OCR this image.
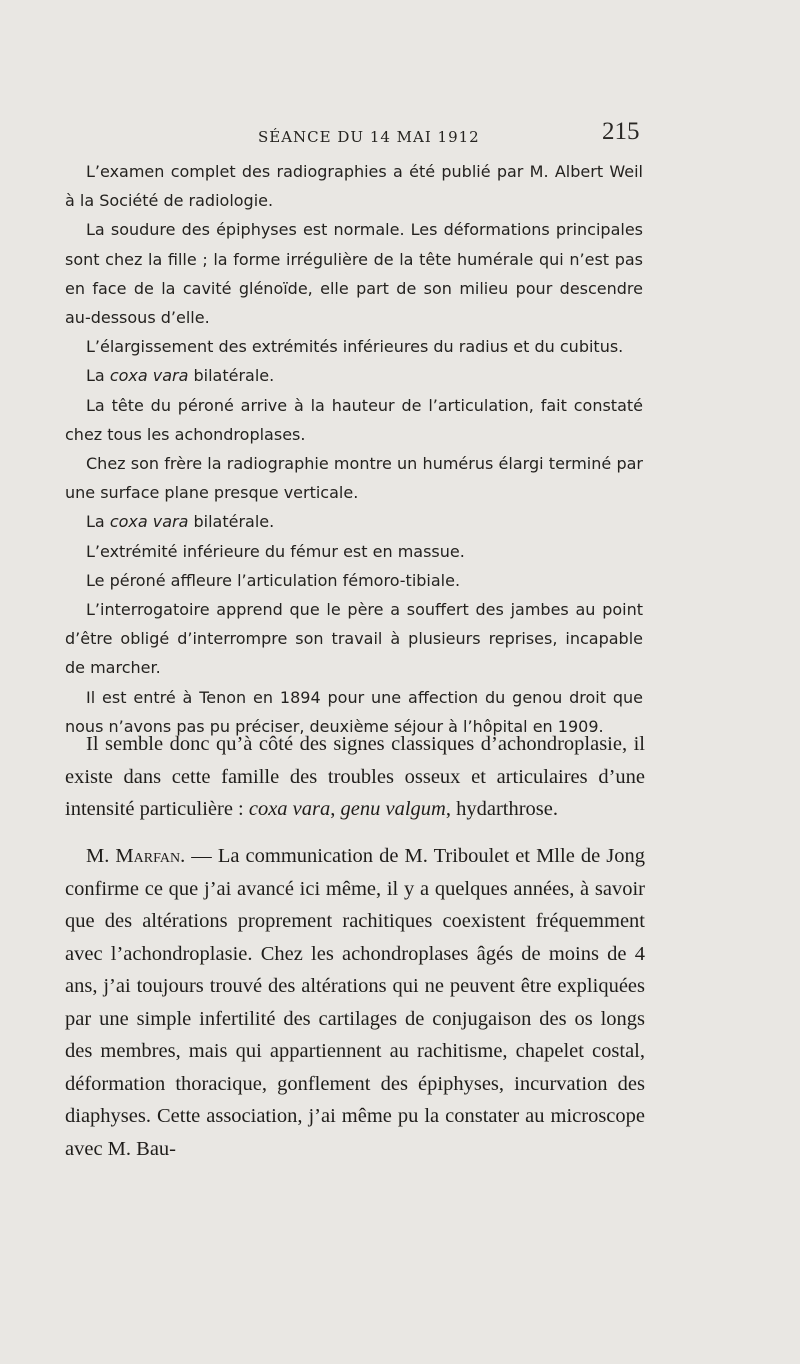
SÉANCE DU 14 MAI 1912	215

L’examen complet des radiographies a été publié par M. Albert Weil à la Société de radiologie.

La soudure des épiphyses est normale. Les déformations principales sont chez la fille ; la forme irrégulière de la tête humérale qui n’est pas en face de la cavité glénoïde, elle part de son milieu pour descendre au-dessous d’elle.

L’élargissement des extrémités inférieures du radius et du cubitus.

La coxa vara bilatérale.

La tête du péroné arrive à la hauteur de l’articulation, fait constaté chez tous les achondroplases.

Chez son frère la radiographie montre un humérus élargi terminé par une surface plane presque verticale.

La coxa vara bilatérale.

L’extrémité inférieure du fémur est en massue.

Le péroné affleure l’articulation fémoro-tibiale.

L’interrogatoire apprend que le père a souffert des jambes au point d’être obligé d’interrompre son travail à plusieurs reprises, incapable de marcher.

Il est entré à Tenon en 1894 pour une affection du genou droit que nous n’avons pas pu préciser, deuxième séjour à l’hôpital en 1909.

Il semble donc qu’à côté des signes classiques d’achondroplasie, il existe dans cette famille des troubles osseux et articulaires d’une intensité particulière : coxa vara, genu valgum, hydarthrose.

M. Marfan. — La communication de M. Triboulet et Mlle de Jong confirme ce que j’ai avancé ici même, il y a quelques années, à savoir que des altérations proprement rachitiques coexistent fréquemment avec l’achondroplasie. Chez les achondroplases âgés de moins de 4 ans, j’ai toujours trouvé des altérations qui ne peuvent être expliquées par une simple infertilité des cartilages de conjugaison des os longs des membres, mais qui appartiennent au rachitisme, chapelet costal, déformation thoracique, gonflement des épiphyses, incurvation des diaphyses. Cette association, j’ai même pu la constater au microscope avec M. Bau-
